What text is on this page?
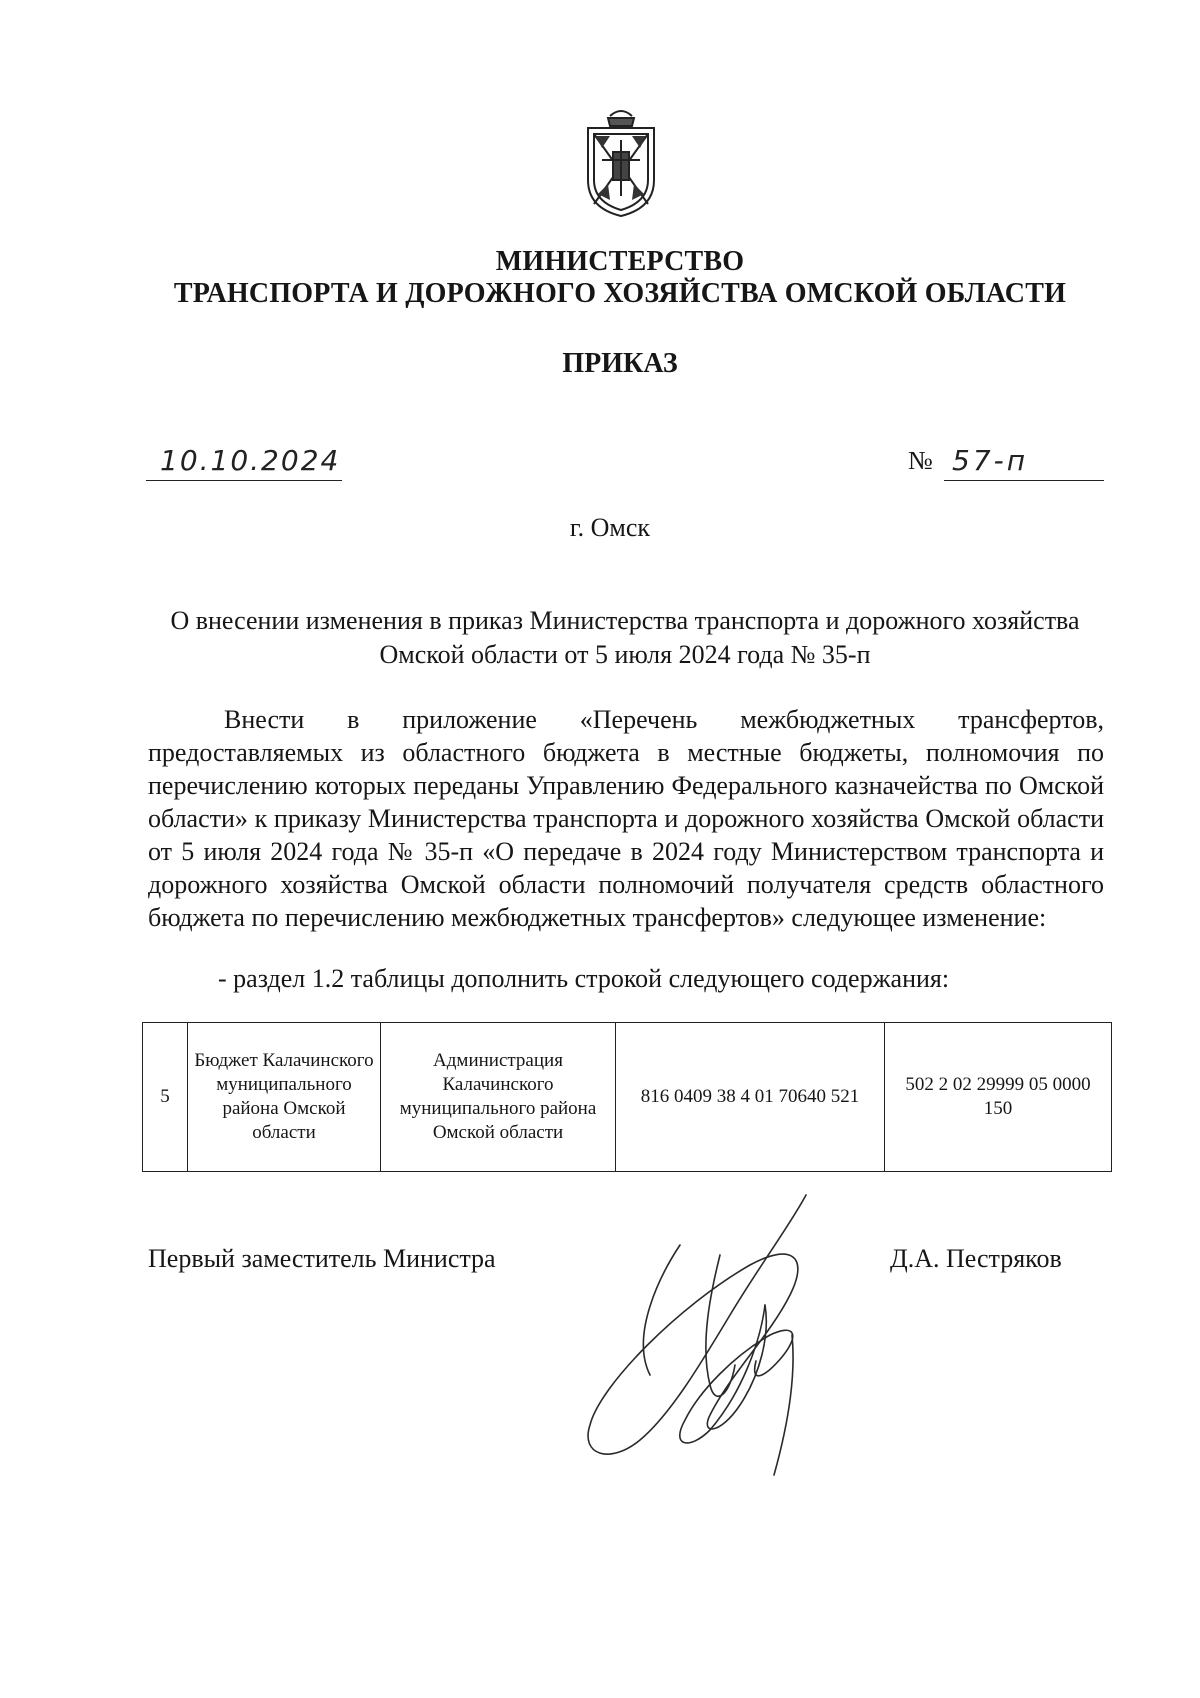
МИНИСТЕРСТВО
ТРАНСПОРТА И ДОРОЖНОГО ХОЗЯЙСТВА ОМСКОЙ ОБЛАСТИ
ПРИКАЗ
10.10.2024	№ 57-п
г. Омск
О внесении изменения в приказ Министерства транспорта и дорожного хозяйства Омской области от 5 июля 2024 года № 35-п

Внести в приложение «Перечень межбюджетных трансфертов, предоставляемых из областного бюджета в местные бюджеты, полномочия по перечислению которых переданы Управлению Федерального казначейства по Омской области» к приказу Министерства транспорта и дорожного хозяйства Омской области от 5 июля 2024 года № 35-п «О передаче в 2024 году Министерством транспорта и дорожного хозяйства Омской области полномочий получателя средств областного бюджета по перечислению межбюджетных трансфертов» следующее изменение:

- раздел 1.2 таблицы дополнить строкой следующего содержания:
5	Бюджет Калачинского муниципального района Омской области	Администрация Калачинского муниципального района Омской области	816 0409 38 4 01 70640 521	502 2 02 29999 05 0000 150
Первый заместитель Министра	Д.А. Пестряков
